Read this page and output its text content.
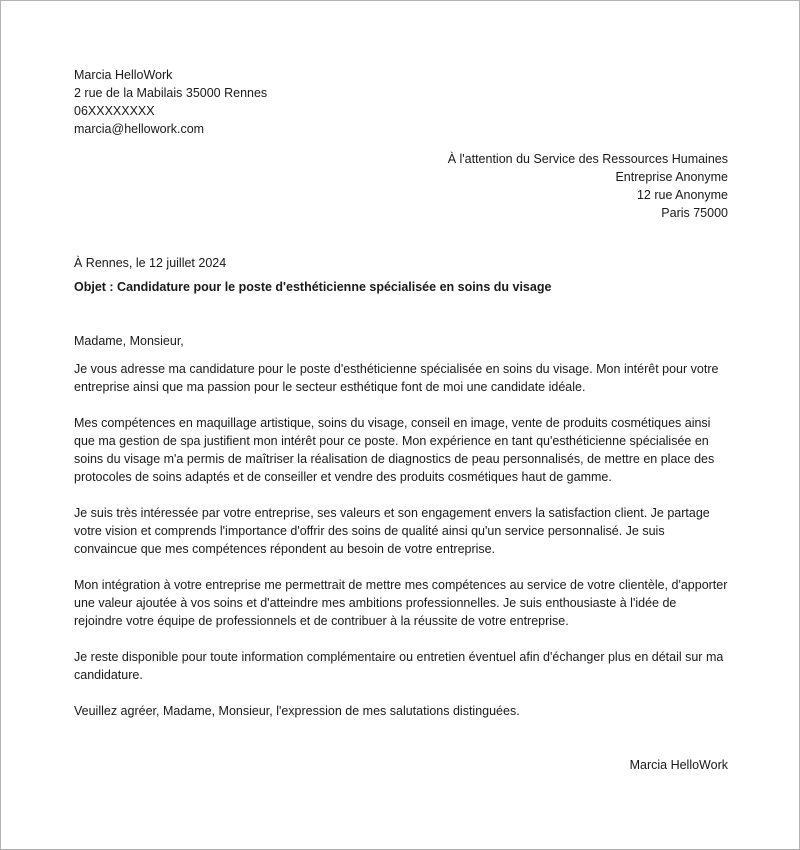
Marcia HelloWork
2 rue de la Mabilais 35000 Rennes
06XXXXXXXX
marcia@hellowork.com
À l'attention du Service des Ressources Humaines
Entreprise Anonyme
12 rue Anonyme
Paris 75000
À Rennes, le 12 juillet 2024
Objet : Candidature pour le poste d'esthéticienne spécialisée en soins du visage
Madame, Monsieur,
Je vous adresse ma candidature pour le poste d'esthéticienne spécialisée en soins du visage. Mon intérêt pour votre entreprise ainsi que ma passion pour le secteur esthétique font de moi une candidate idéale.
Mes compétences en maquillage artistique, soins du visage, conseil en image, vente de produits cosmétiques ainsi que ma gestion de spa justifient mon intérêt pour ce poste. Mon expérience en tant qu'esthéticienne spécialisée en soins du visage m'a permis de maîtriser la réalisation de diagnostics de peau personnalisés, de mettre en place des protocoles de soins adaptés et de conseiller et vendre des produits cosmétiques haut de gamme.
Je suis très intéressée par votre entreprise, ses valeurs et son engagement envers la satisfaction client. Je partage votre vision et comprends l'importance d'offrir des soins de qualité ainsi qu'un service personnalisé. Je suis convaincue que mes compétences répondent au besoin de votre entreprise.
Mon intégration à votre entreprise me permettrait de mettre mes compétences au service de votre clientèle, d'apporter une valeur ajoutée à vos soins et d'atteindre mes ambitions professionnelles. Je suis enthousiaste à l'idée de rejoindre votre équipe de professionnels et de contribuer à la réussite de votre entreprise.
Je reste disponible pour toute information complémentaire ou entretien éventuel afin d'échanger plus en détail sur ma candidature.
Veuillez agréer, Madame, Monsieur, l'expression de mes salutations distinguées.
Marcia HelloWork
